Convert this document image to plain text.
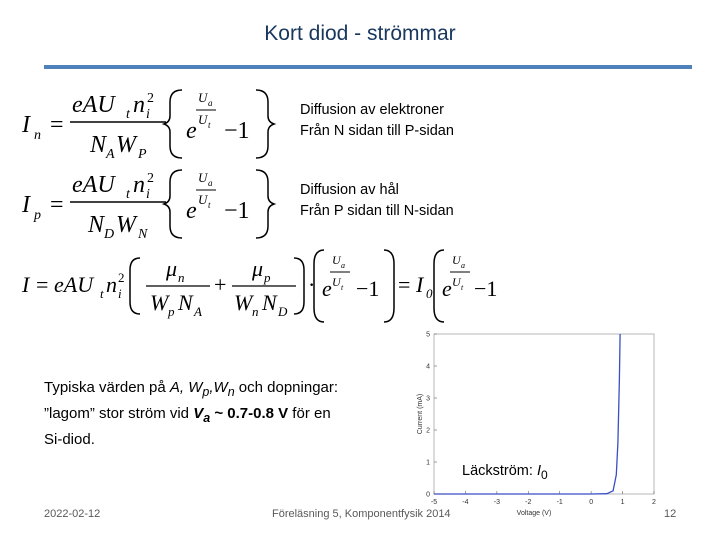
Kort diod - strömmar
I n =
eAU t n i
2
N A W P
e
U a
U t −1
Diffusion av elektroner
Från N sidan till P-sidan
I p =
eAU t n i
2
N D W N
e
U a
U t −1
Diffusion av hål
Från P sidan till N-sidan
I = eAU t n i
2 μ n
W p N A
+
μ p
W n N D
· e
U a
U t −1 = I 0 e
U a
U t −1
Typiska värden på A, $W_p,W_n$ och dopningar:
”lagom” stor ström vid $V_a$ ~ 0.7-0.8 V för en
Si-diod.
-5	-4	-3	-2	-1	0	1	2
0
1
2
3
4
5
Voltage (V)
Current (mA)
Läckström: $I_0$
2022-02-12	Föreläsning 5, Komponentfysik 2014	12
